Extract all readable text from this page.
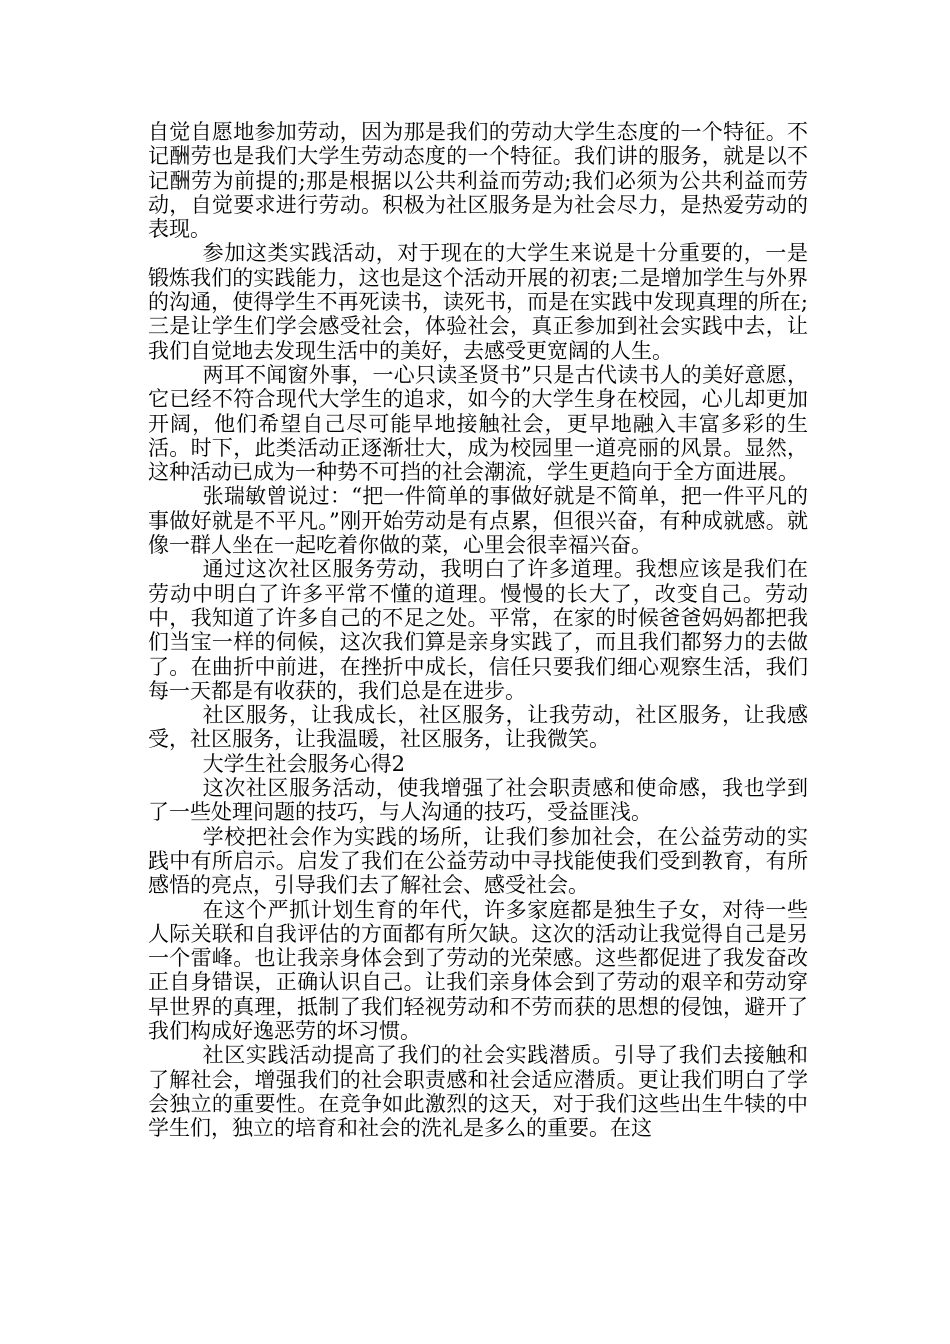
自觉自愿地参加劳动，因为那是我们的劳动大学生态度的一个特征。不记酬劳也是我们大学生劳动态度的一个特征。我们讲的服务，就是以不记酬劳为前提的;那是根据以公共利益而劳动;我们必须为公共利益而劳动，自觉要求进行劳动。积极为社区服务是为社会尽力，是热爱劳动的表现。

参加这类实践活动，对于现在的大学生来说是十分重要的，一是锻炼我们的实践能力，这也是这个活动开展的初衷;二是增加学生与外界的沟通，使得学生不再死读书，读死书，而是在实践中发现真理的所在;三是让学生们学会感受社会，体验社会，真正参加到社会实践中去，让我们自觉地去发现生活中的美好，去感受更宽阔的人生。

两耳不闻窗外事，一心只读圣贤书”只是古代读书人的美好意愿，它已经不符合现代大学生的追求，如今的大学生身在校园，心儿却更加开阔，他们希望自己尽可能早地接触社会，更早地融入丰富多彩的生活。时下，此类活动正逐渐壮大，成为校园里一道亮丽的风景。显然，这种活动已成为一种势不可挡的社会潮流，学生更趋向于全方面进展。

张瑞敏曾说过：“把一件简单的事做好就是不简单，把一件平凡的事做好就是不平凡。”刚开始劳动是有点累，但很兴奋，有种成就感。就像一群人坐在一起吃着你做的菜，心里会很幸福兴奋。

通过这次社区服务劳动，我明白了许多道理。我想应该是我们在劳动中明白了许多平常不懂的道理。慢慢的长大了，改变自己。劳动中，我知道了许多自己的不足之处。平常，在家的时候爸爸妈妈都把我们当宝一样的伺候，这次我们算是亲身实践了，而且我们都努力的去做了。在曲折中前进，在挫折中成长，信任只要我们细心观察生活，我们每一天都是有收获的，我们总是在进步。

社区服务，让我成长，社区服务，让我劳动，社区服务，让我感受，社区服务，让我温暖，社区服务，让我微笑。

大学生社会服务心得2

这次社区服务活动，使我增强了社会职责感和使命感，我也学到了一些处理问题的技巧，与人沟通的技巧，受益匪浅。

学校把社会作为实践的场所，让我们参加社会，在公益劳动的实践中有所启示。启发了我们在公益劳动中寻找能使我们受到教育，有所感悟的亮点，引导我们去了解社会、感受社会。

在这个严抓计划生育的年代，许多家庭都是独生子女，对待一些人际关联和自我评估的方面都有所欠缺。这次的活动让我觉得自己是另一个雷峰。也让我亲身体会到了劳动的光荣感。这些都促进了我发奋改正自身错误，正确认识自己。让我们亲身体会到了劳动的艰辛和劳动穿早世界的真理，抵制了我们轻视劳动和不劳而获的思想的侵蚀，避开了我们构成好逸恶劳的坏习惯。

社区实践活动提高了我们的社会实践潜质。引导了我们去接触和了解社会，增强我们的社会职责感和社会适应潜质。更让我们明白了学会独立的重要性。在竞争如此激烈的这天，对于我们这些出生牛犊的中学生们，独立的培育和社会的洗礼是多么的重要。在这
